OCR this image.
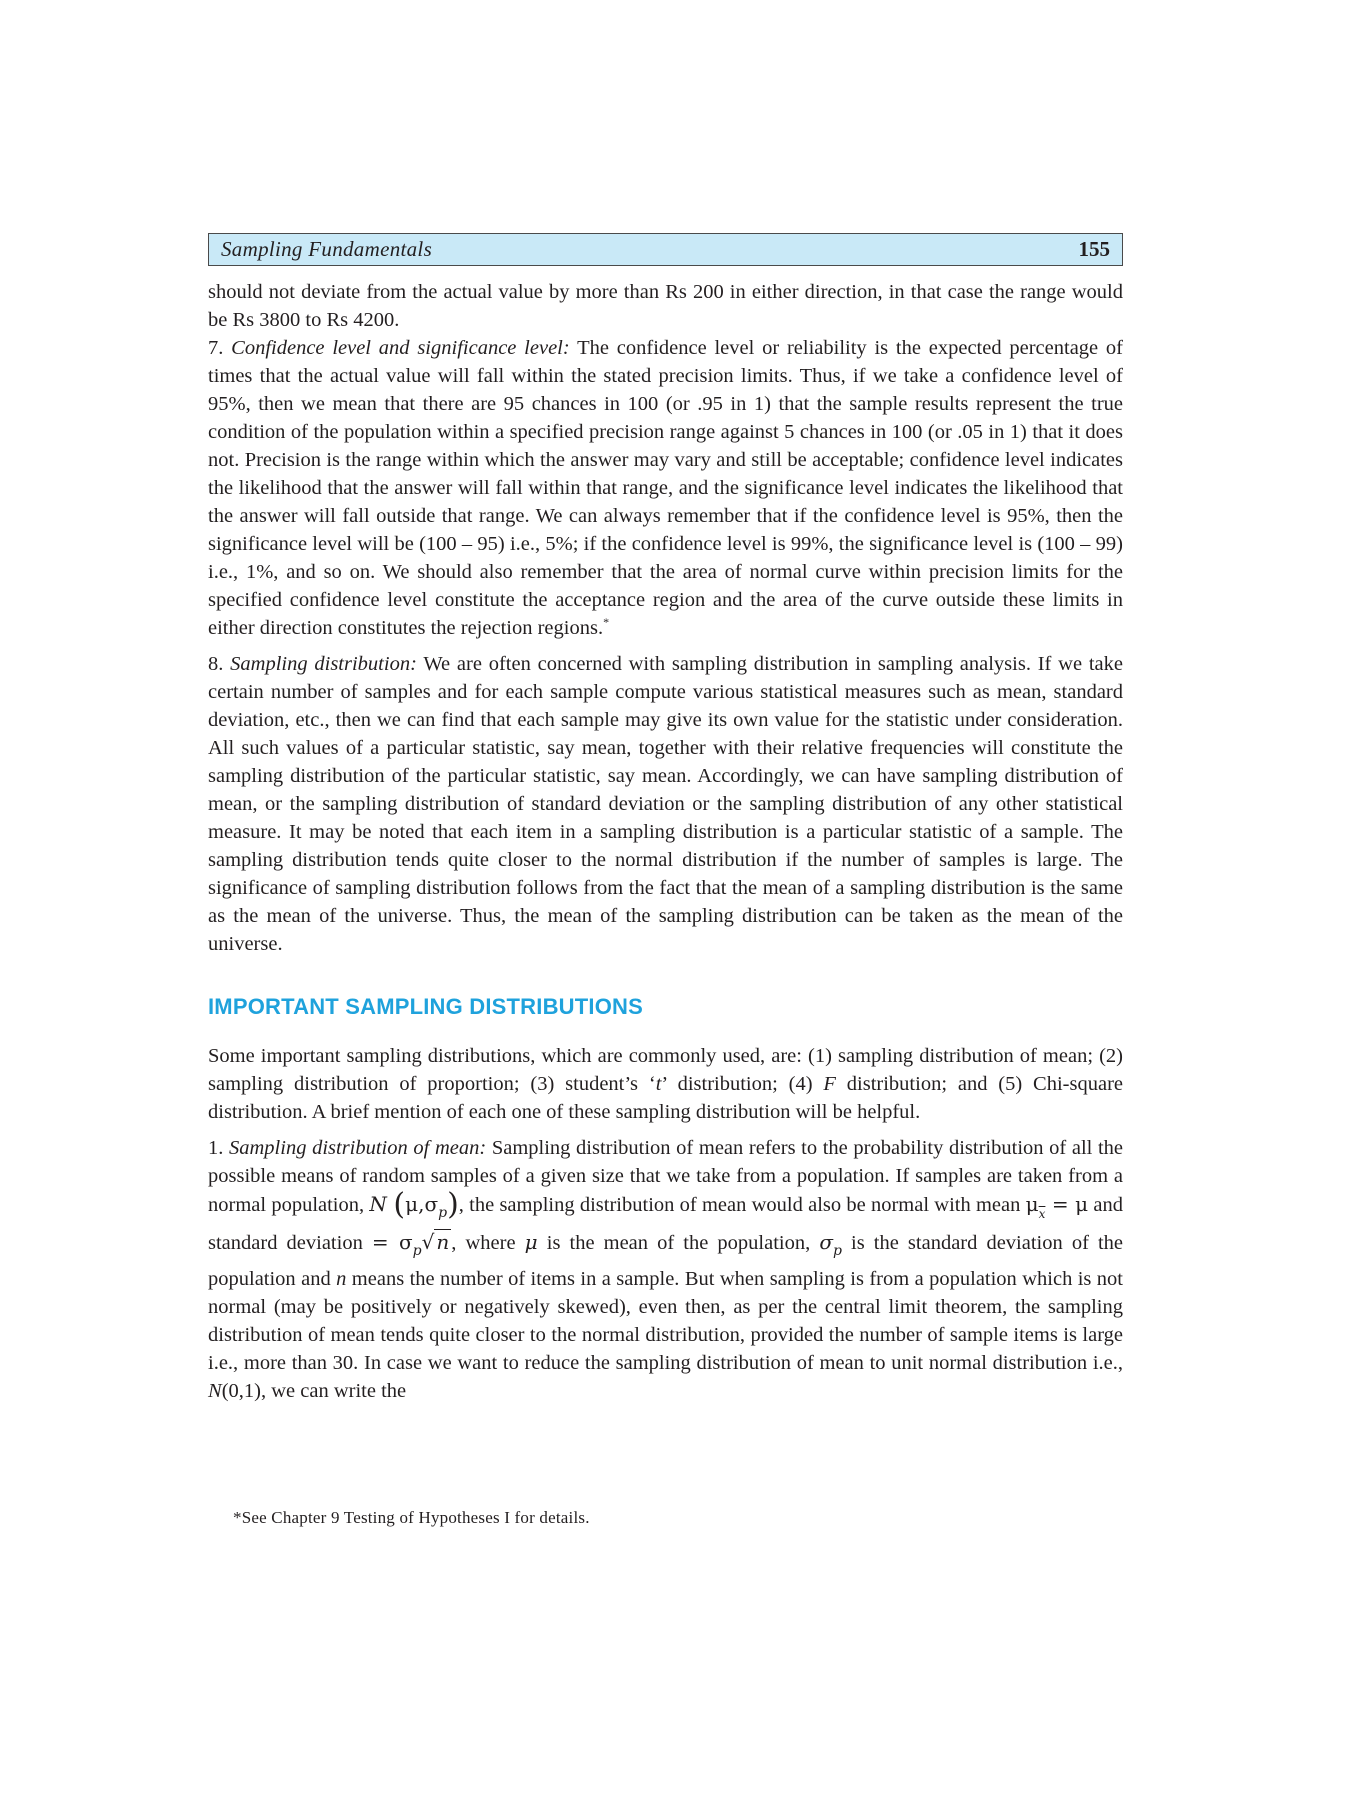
Sampling Fundamentals	155

should not deviate from the actual value by more than Rs 200 in either direction, in that case the range would be Rs 3800 to Rs 4200.

7. Confidence level and significance level: The confidence level or reliability is the expected percentage of times that the actual value will fall within the stated precision limits. Thus, if we take a confidence level of 95%, then we mean that there are 95 chances in 100 (or .95 in 1) that the sample results represent the true condition of the population within a specified precision range against 5 chances in 100 (or .05 in 1) that it does not. Precision is the range within which the answer may vary and still be acceptable; confidence level indicates the likelihood that the answer will fall within that range, and the significance level indicates the likelihood that the answer will fall outside that range. We can always remember that if the confidence level is 95%, then the significance level will be (100 – 95) i.e., 5%; if the confidence level is 99%, the significance level is (100 – 99) i.e., 1%, and so on. We should also remember that the area of normal curve within precision limits for the specified confidence level constitute the acceptance region and the area of the curve outside these limits in either direction constitutes the rejection regions.*

8. Sampling distribution: We are often concerned with sampling distribution in sampling analysis. If we take certain number of samples and for each sample compute various statistical measures such as mean, standard deviation, etc., then we can find that each sample may give its own value for the statistic under consideration. All such values of a particular statistic, say mean, together with their relative frequencies will constitute the sampling distribution of the particular statistic, say mean. Accordingly, we can have sampling distribution of mean, or the sampling distribution of standard deviation or the sampling distribution of any other statistical measure. It may be noted that each item in a sampling distribution is a particular statistic of a sample. The sampling distribution tends quite closer to the normal distribution if the number of samples is large. The significance of sampling distribution follows from the fact that the mean of a sampling distribution is the same as the mean of the universe. Thus, the mean of the sampling distribution can be taken as the mean of the universe.

IMPORTANT SAMPLING DISTRIBUTIONS

Some important sampling distributions, which are commonly used, are: (1) sampling distribution of mean; (2) sampling distribution of proportion; (3) student’s ‘t’ distribution; (4) F distribution; and (5) Chi-square distribution. A brief mention of each one of these sampling distribution will be helpful.

1. Sampling distribution of mean: Sampling distribution of mean refers to the probability distribution of all the possible means of random samples of a given size that we take from a population. If samples are taken from a normal population, N $(\mu,\sigma_p)$, the sampling distribution of mean would also be normal with mean $\mu_{\overline{x}} = \mu$ and standard deviation = $\sigma_p√$ n, where μ is the mean of the population, $\sigma_p$ is the standard deviation of the population and n means the number of items in a sample. But when sampling is from a population which is not normal (may be positively or negatively skewed), even then, as per the central limit theorem, the sampling distribution of mean tends quite closer to the normal distribution, provided the number of sample items is large i.e., more than 30. In case we want to reduce the sampling distribution of mean to unit normal distribution i.e., N(0,1), we can write the

*See Chapter 9 Testing of Hypotheses I for details.
